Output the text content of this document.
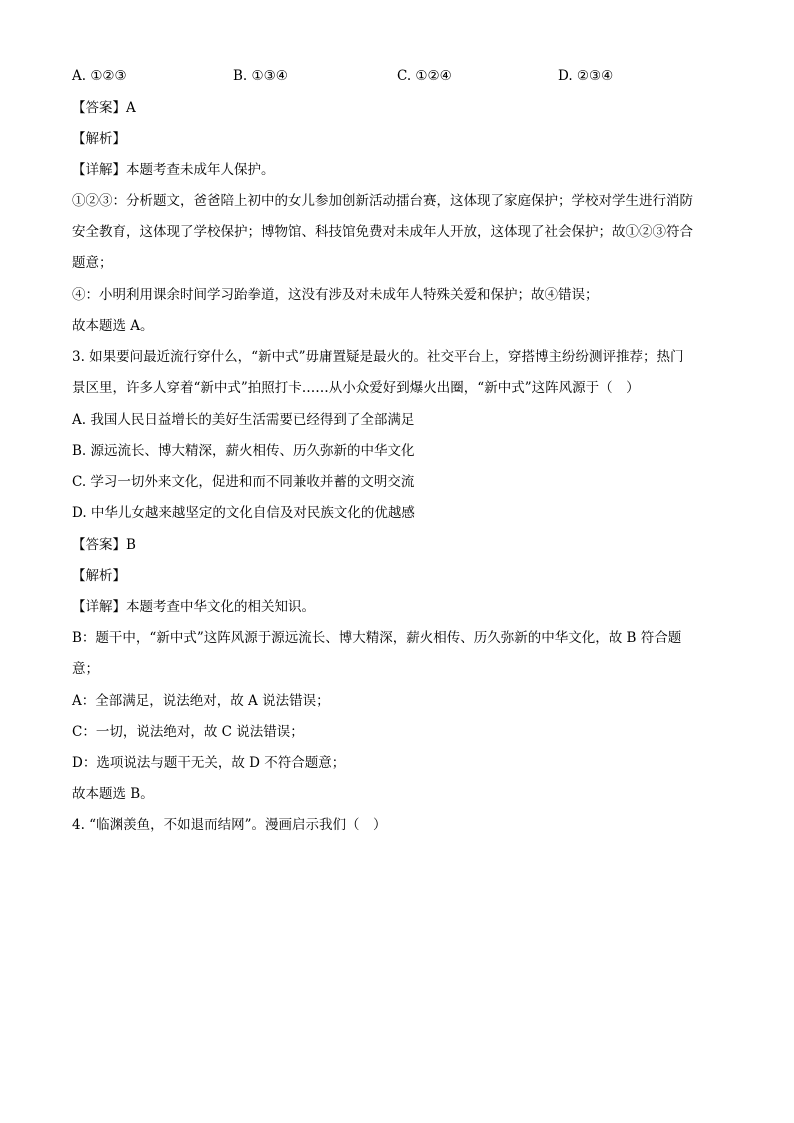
A. ①②③	B. ①③④	C. ①②④	D. ②③④
【答案】A
【解析】
【详解】本题考查未成年人保护。
①②③：分析题文，爸爸陪上初中的女儿参加创新活动擂台赛，这体现了家庭保护；学校对学生进行消防
安全教育，这体现了学校保护；博物馆、科技馆免费对未成年人开放，这体现了社会保护；故①②③符合
题意；
④：小明利用课余时间学习跆拳道，这没有涉及对未成年人特殊关爱和保护；故④错误；
故本题选 A。
3. 如果要问最近流行穿什么，“新中式”毋庸置疑是最火的。社交平台上，穿搭博主纷纷测评推荐；热门
景区里，许多人穿着“新中式”拍照打卡……从小众爱好到爆火出圈，“新中式”这阵风源于（　）
A. 我国人民日益增长的美好生活需要已经得到了全部满足
B. 源远流长、博大精深，薪火相传、历久弥新的中华文化
C. 学习一切外来文化，促进和而不同兼收并蓄的文明交流
D. 中华儿女越来越坚定的文化自信及对民族文化的优越感
【答案】B
【解析】
【详解】本题考查中华文化的相关知识。
B：题干中，“新中式”这阵风源于源远流长、博大精深，薪火相传、历久弥新的中华文化，故 B 符合题
意；
A：全部满足，说法绝对，故 A 说法错误；
C：一切，说法绝对，故 C 说法错误；
D：选项说法与题干无关，故 D 不符合题意；
故本题选 B。
4. “临渊羡鱼，不如退而结网”。漫画启示我们（　）
